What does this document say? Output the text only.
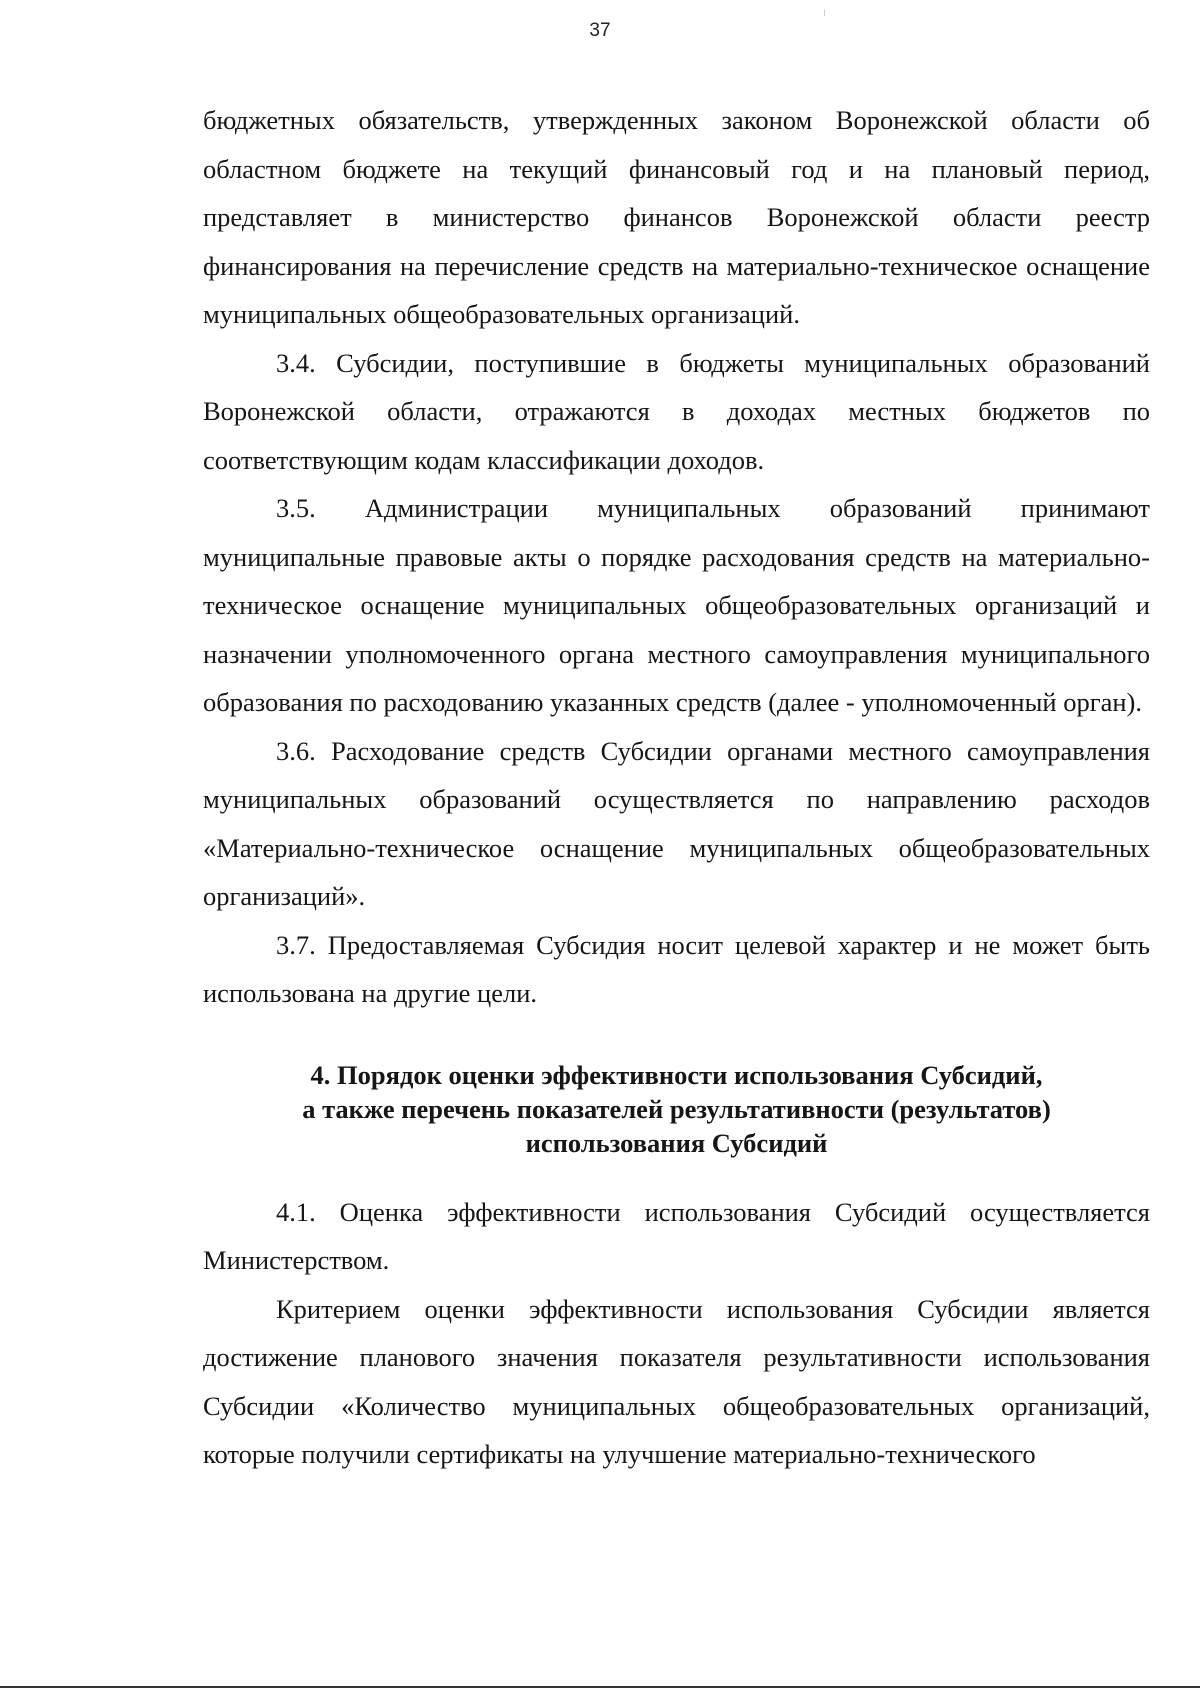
37

бюджетных обязательств, утвержденных законом Воронежской области об областном бюджете на текущий финансовый год и на плановый период, представляет в министерство финансов Воронежской области реестр финансирования на перечисление средств на материально-техническое оснащение муниципальных общеобразовательных организаций.

3.4. Субсидии, поступившие в бюджеты муниципальных образований Воронежской области, отражаются в доходах местных бюджетов по соответствующим кодам классификации доходов.

3.5. Администрации муниципальных образований принимают муниципальные правовые акты о порядке расходования средств на материально-техническое оснащение муниципальных общеобразовательных организаций и назначении уполномоченного органа местного самоуправления муниципального образования по расходованию указанных средств (далее - уполномоченный орган).

3.6. Расходование средств Субсидии органами местного самоуправления муниципальных образований осуществляется по направлению расходов «Материально-техническое оснащение муниципальных общеобразовательных организаций».

3.7. Предоставляемая Субсидия носит целевой характер и не может быть использована на другие цели.

4. Порядок оценки эффективности использования Субсидий,
а также перечень показателей результативности (результатов)
использования Субсидий

4.1. Оценка эффективности использования Субсидий осуществляется Министерством.

Критерием оценки эффективности использования Субсидии является достижение планового значения показателя результативности использования Субсидии «Количество муниципальных общеобразовательных организаций, которые получили сертификаты на улучшение материально-технического
